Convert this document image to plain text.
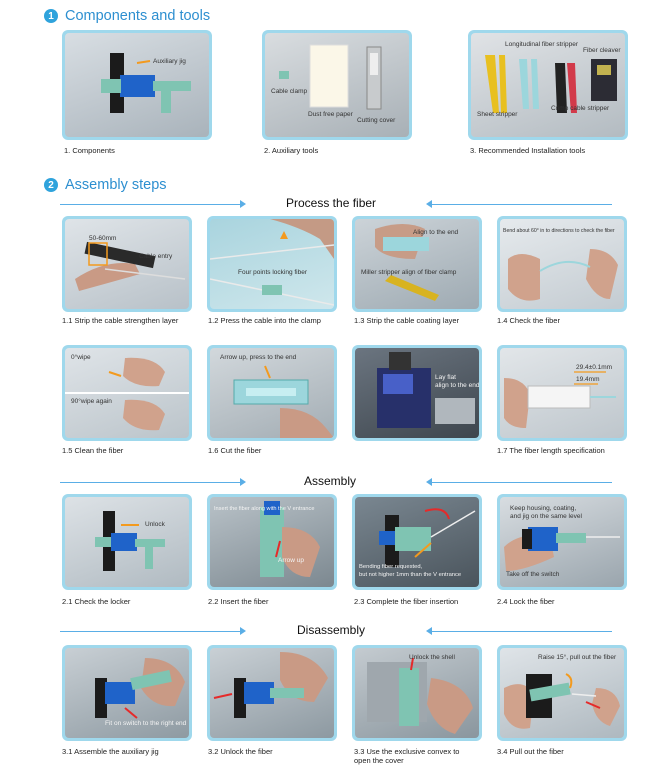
1 Components and tools
Auxiliary jig
1. Components
Cable clamp
Dust free paper
Cutting cover
2. Auxiliary tools
Longitudinal fiber stripper
Fiber cleaver
Sheet stripper
Crimp cable stripper
3. Recommended Installation tools
2 Assembly steps
Process the fiber
50-60mm
Cable entry
1.1 Strip the cable strengthen layer
Four points locking fiber
1.2 Press the cable into the clamp
Align to the end
Miller stripper align of fiber clamp
1.3 Strip the cable coating layer
Bend about 60° in to directions to check the fiber
1.4 Check the fiber
0°wipe
90°wipe again
1.5 Clean the fiber
Arrow up, press to the end
1.6 Cut the fiber
Lay flat
align to the end
29.4±0.1mm
19.4mm
1.7 The fiber length specification
Assembly
Unlock
2.1 Check the locker
Insert the fiber along with the V entrance
Arrow up
2.2 Insert the fiber
Bending fiber requested,
but not higher 1mm than the V entrance
2.3 Complete the fiber insertion
Keep housing, coating,
and jig on the same level
Take off the switch
2.4 Lock the fiber
Disassembly
Fit on switch to the right end
3.1 Assemble the auxiliary jig	3.2 Unlock the fiber
Unlock the shell
3.3 Use the exclusive convex to open the cover
Raise 15°, pull out the fiber
3.4 Pull out the fiber
